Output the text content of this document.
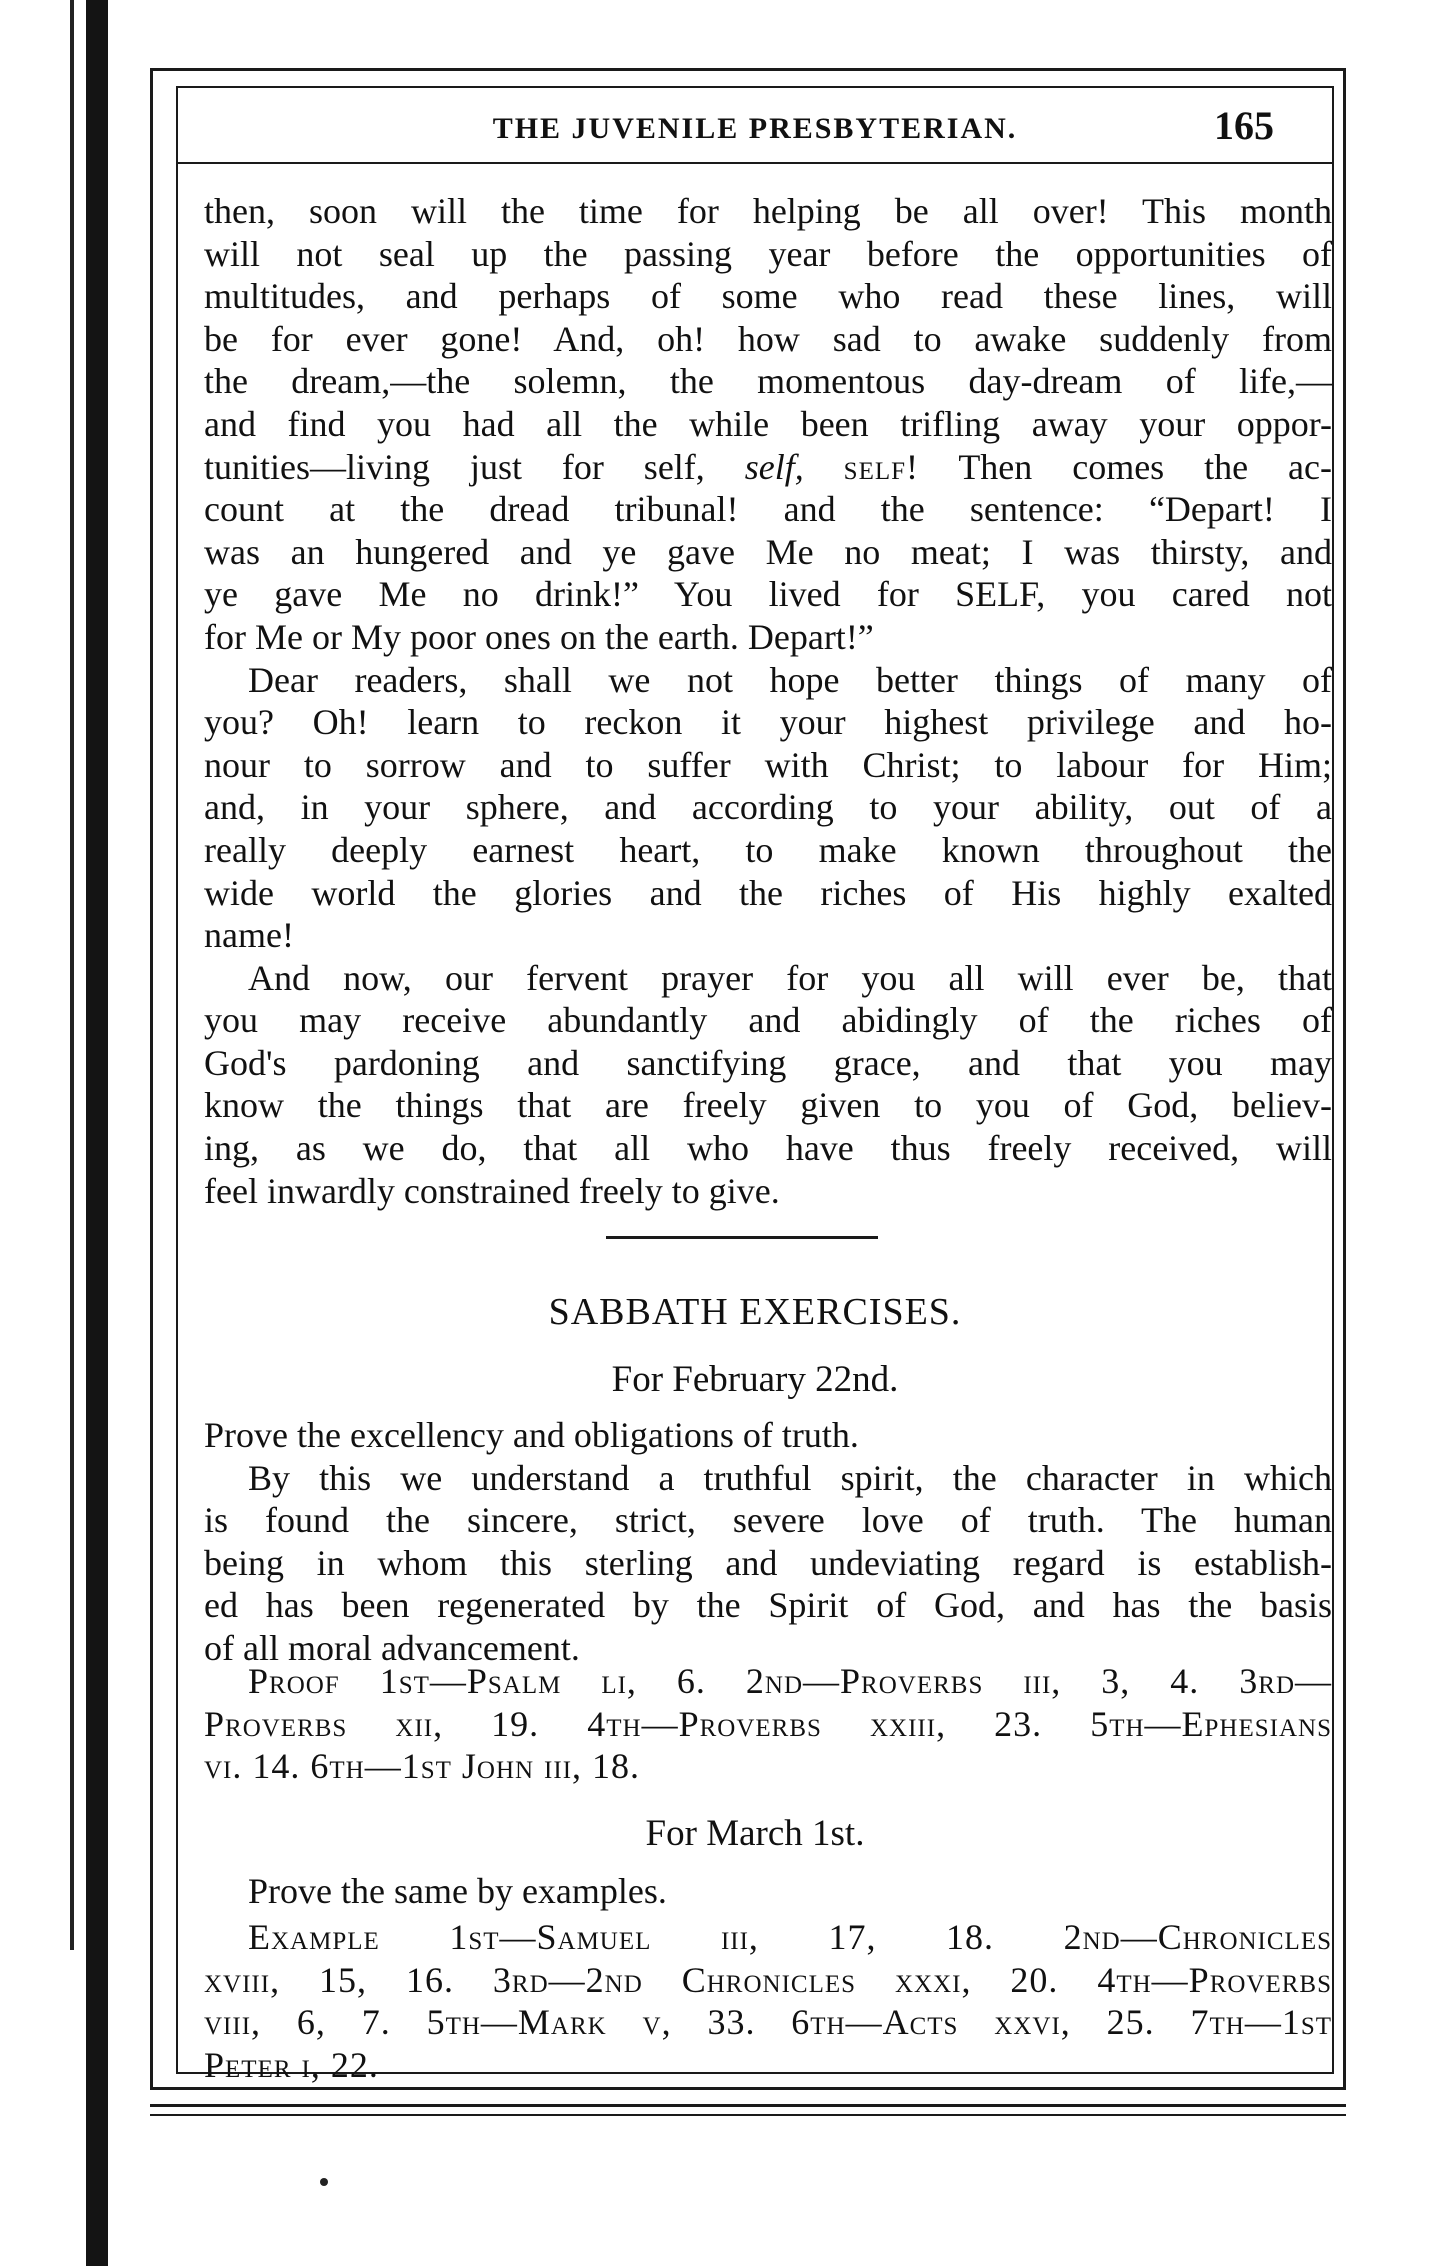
THE JUVENILE PRESBYTERIAN.	165
then, soon will the time for helping be all over! This month
will not seal up the passing year before the opportunities of
multitudes, and perhaps of some who read these lines, will
be for ever gone! And, oh! how sad to awake suddenly from
the dream,—the solemn, the momentous day-dream of life,—
and find you had all the while been trifling away your oppor-
tunities—living just for self, self, self! Then comes the ac-
count at the dread tribunal! and the sentence: “Depart! I
was an hungered and ye gave Me no meat; I was thirsty, and
ye gave Me no drink!” You lived for SELF, you cared not
for Me or My poor ones on the earth. Depart!”
Dear readers, shall we not hope better things of many of
you? Oh! learn to reckon it your highest privilege and ho-
nour to sorrow and to suffer with Christ; to labour for Him;
and, in your sphere, and according to your ability, out of a
really deeply earnest heart, to make known throughout the
wide world the glories and the riches of His highly exalted
name!
And now, our fervent prayer for you all will ever be, that
you may receive abundantly and abidingly of the riches of
God's pardoning and sanctifying grace, and that you may
know the things that are freely given to you of God, believ-
ing, as we do, that all who have thus freely received, will
feel inwardly constrained freely to give.
SABBATH EXERCISES.
For February 22nd.
Prove the excellency and obligations of truth.
By this we understand a truthful spirit, the character in which
is found the sincere, strict, severe love of truth. The human
being in whom this sterling and undeviating regard is establish-
ed has been regenerated by the Spirit of God, and has the basis
of all moral advancement.
Proof 1st—Psalm li, 6. 2nd—Proverbs iii, 3, 4. 3rd—
Proverbs xii, 19. 4th—Proverbs xxiii, 23. 5th—Ephesians
vi. 14. 6th—1st John iii, 18.
For March 1st.
Prove the same by examples.
Example 1st—Samuel iii, 17, 18. 2nd—Chronicles
xviii, 15, 16. 3rd—2nd Chronicles xxxi, 20. 4th—Proverbs
viii, 6, 7. 5th—Mark v, 33. 6th—Acts xxvi, 25. 7th—1st
Peter i, 22.
